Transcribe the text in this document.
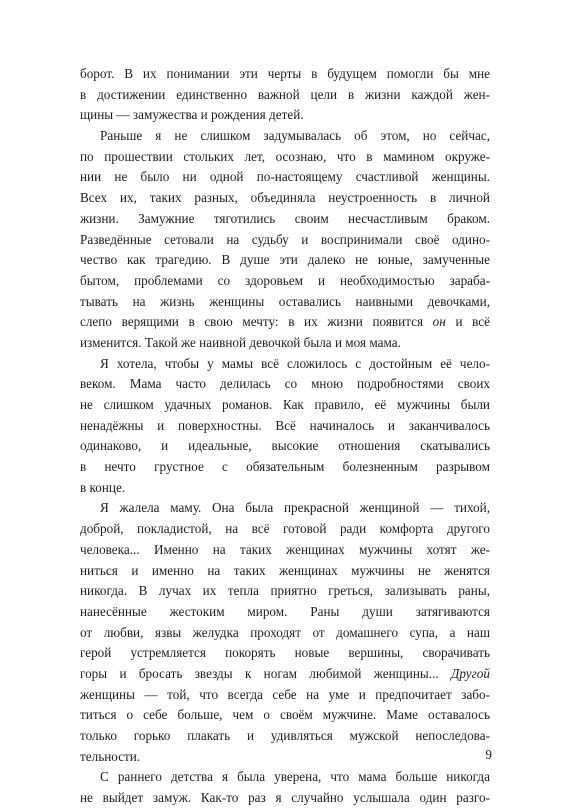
борот. В их понимании эти черты в будущем помогли бы мне
в достижении единственно важной цели в жизни каждой жен-
щины — замужества и рождения детей.
Раньше я не слишком задумывалась об этом, но сейчас,
по прошествии стольких лет, осознаю, что в мамином окруже-
нии не было ни одной по-настоящему счастливой женщины.
Всех их, таких разных, объединяла неустроенность в личной
жизни. Замужние тяготились своим несчастливым браком.
Разведённые сетовали на судьбу и воспринимали своё одино-
чество как трагедию. В душе эти далеко не юные, замученные
бытом, проблемами со здоровьем и необходимостью зараба-
тывать на жизнь женщины оставались наивными девочками,
слепо верящими в свою мечту: в их жизни появится он и всё
изменится. Такой же наивной девочкой была и моя мама.
Я хотела, чтобы у мамы всё сложилось с достойным её чело-
веком. Мама часто делилась со мною подробностями своих
не слишком удачных романов. Как правило, её мужчины были
ненадёжны и поверхностны. Всё начиналось и заканчивалось
одинаково, и идеальные, высокие отношения скатывались
в нечто грустное с обязательным болезненным разрывом
в конце.
Я жалела маму. Она была прекрасной женщиной — тихой,
доброй, покладистой, на всё готовой ради комфорта другого
человека... Именно на таких женщинах мужчины хотят же-
ниться и именно на таких женщинах мужчины не женятся
никогда. В лучах их тепла приятно греться, зализывать раны,
нанесённые жестоким миром. Раны души затягиваются
от любви, язвы желудка проходят от домашнего супа, а наш
герой устремляется покорять новые вершины, сворачивать
горы и бросать звезды к ногам любимой женщины... Другой
женщины — той, что всегда себе на уме и предпочитает забо-
титься о себе больше, чем о своём мужчине. Маме оставалось
только горько плакать и удивляться мужской непоследова-
тельности.
С раннего детства я была уверена, что мама больше никогда
не выйдет замуж. Как-то раз я случайно услышала один разго-
9
